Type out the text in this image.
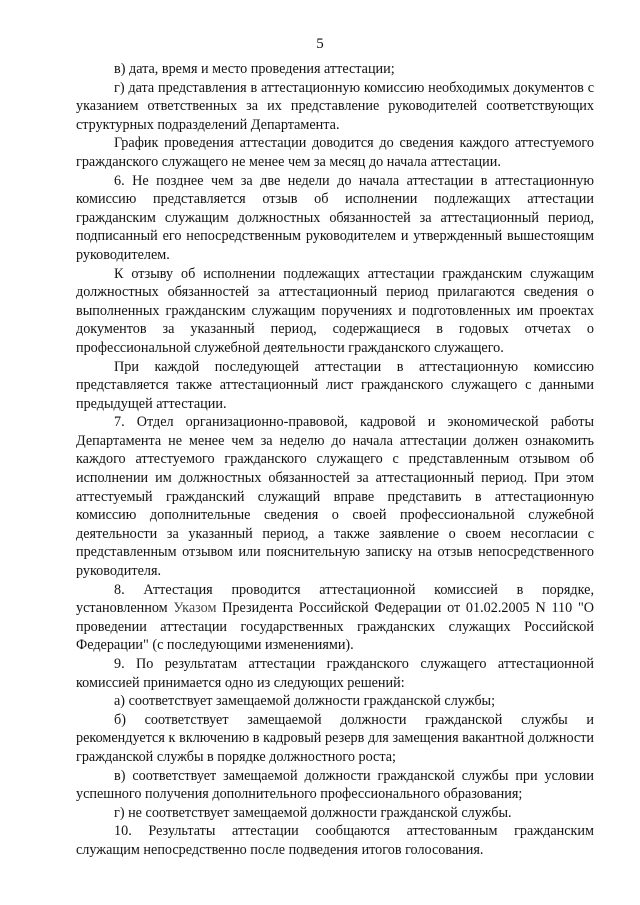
5

в) дата, время и место проведения аттестации;

г) дата представления в аттестационную комиссию необходимых документов с указанием ответственных за их представление руководителей соответствующих структурных подразделений Департамента.

График проведения аттестации доводится до сведения каждого аттестуемого гражданского служащего не менее чем за месяц до начала аттестации.

6. Не позднее чем за две недели до начала аттестации в аттестационную комиссию представляется отзыв об исполнении подлежащих аттестации гражданским служащим должностных обязанностей за аттестационный период, подписанный его непосредственным руководителем и утвержденный вышестоящим руководителем.

К отзыву об исполнении подлежащих аттестации гражданским служащим должностных обязанностей за аттестационный период прилагаются сведения о выполненных гражданским служащим поручениях и подготовленных им проектах документов за указанный период, содержащиеся в годовых отчетах о профессиональной служебной деятельности гражданского служащего.

При каждой последующей аттестации в аттестационную комиссию представляется также аттестационный лист гражданского служащего с данными предыдущей аттестации.

7. Отдел организационно-правовой, кадровой и экономической работы Департамента не менее чем за неделю до начала аттестации должен ознакомить каждого аттестуемого гражданского служащего с представленным отзывом об исполнении им должностных обязанностей за аттестационный период. При этом аттестуемый гражданский служащий вправе представить в аттестационную комиссию дополнительные сведения о своей профессиональной служебной деятельности за указанный период, а также заявление о своем несогласии с представленным отзывом или пояснительную записку на отзыв непосредственного руководителя.

8. Аттестация проводится аттестационной комиссией в порядке, установленном Указом Президента Российской Федерации от 01.02.2005 N 110 "О проведении аттестации государственных гражданских служащих Российской Федерации" (с последующими изменениями).

9. По результатам аттестации гражданского служащего аттестационной комиссией принимается одно из следующих решений:

а) соответствует замещаемой должности гражданской службы;

б) соответствует замещаемой должности гражданской службы и рекомендуется к включению в кадровый резерв для замещения вакантной должности гражданской службы в порядке должностного роста;

в) соответствует замещаемой должности гражданской службы при условии успешного получения дополнительного профессионального образования;

г) не соответствует замещаемой должности гражданской службы.

10. Результаты аттестации сообщаются аттестованным гражданским служащим непосредственно после подведения итогов голосования.
